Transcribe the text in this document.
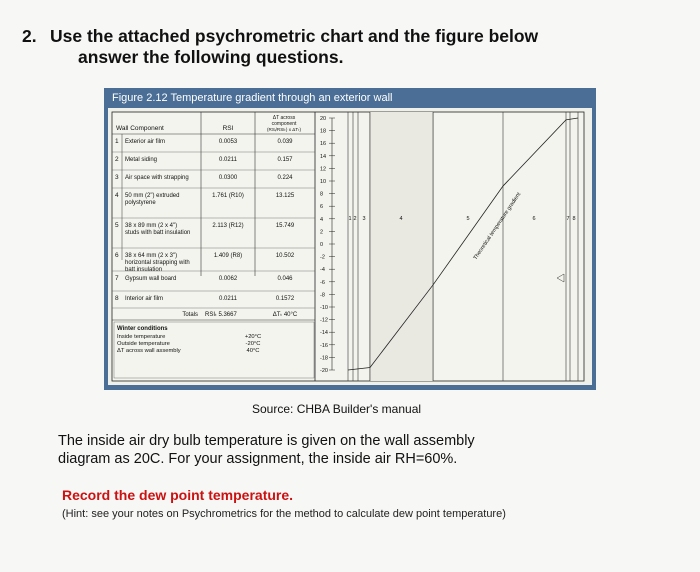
2. Use the attached psychrometric chart and the figure below
answer the following questions.
Figure 2.12 Temperature gradient through an exterior wall
Wall Component	RSI
ΔT across
component
(RSᵢ/RSIₜ) x ΔTₜ)
1 Exterior air film	0.0053	0.039
2 Metal siding	0.0211	0.157
3 Air space with strapping	0.0300	0.224
4 50 mm (2") extruded
polystyrene
1.761 (R10)	13.125
5 38 x 89 mm (2 x 4")
studs with batt insulation
2.113 (R12)	15.749
6 38 x 64 mm (2 x 3")
horizontal strapping with
batt insulation
1.409 (R8)	10.502
7 Gypsum wall board	0.0062	0.046
8 Interior air film	0.0211	0.1572
Totals RSIₜ 5.3667	ΔTₜ 40°C
Winter conditions
Inside temperature	+20°C
Outside temperature	-20°C
ΔT across wall assembly	40°C
20
18
16
14
12
10
8
6
4
2
0
-2
-4
-6
-8
-10
-12
-14
-16
-18
-20
1 2 3	4	5	6	7 8
Theoretical temperature gradient
Source: CHBA Builder's manual
The inside air dry bulb temperature is given on the wall assembly
diagram as 20C. For your assignment, the inside air RH=60%.
Record the dew point temperature.
(Hint: see your notes on Psychrometrics for the method to calculate dew point temperature)
